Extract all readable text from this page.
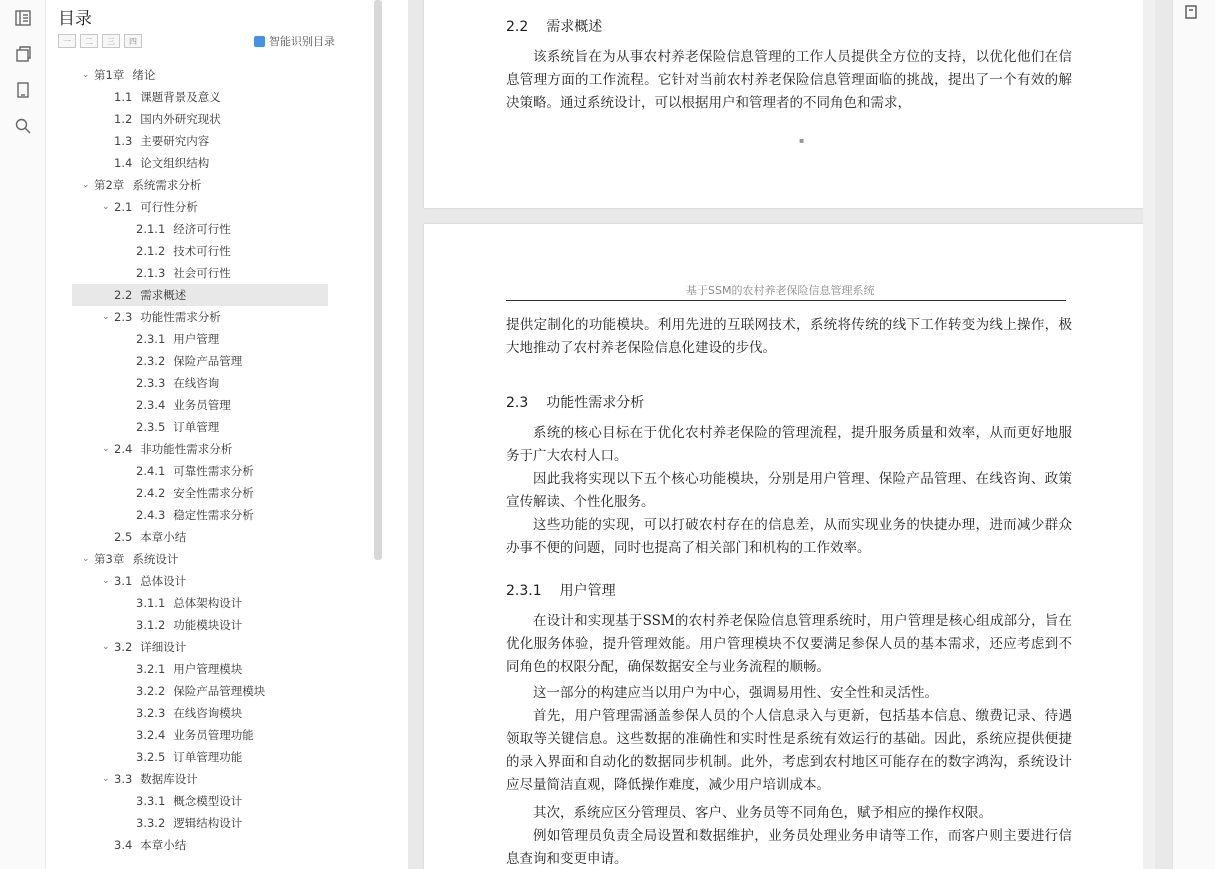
目录
一	二	三	四	智能识别目录
⌄ 第1章 绪论
1.1 课题背景及意义
1.2 国内外研究现状
1.3 主要研究内容
1.4 论文组织结构
⌄ 第2章 系统需求分析
⌄ 2.1 可行性分析
2.1.1 经济可行性
2.1.2 技术可行性
2.1.3 社会可行性
2.2 需求概述
⌄ 2.3 功能性需求分析
2.3.1 用户管理
2.3.2 保险产品管理
2.3.3 在线咨询
2.3.4 业务员管理
2.3.5 订单管理
⌄ 2.4 非功能性需求分析
2.4.1 可靠性需求分析
2.4.2 安全性需求分析
2.4.3 稳定性需求分析
2.5 本章小结
⌄ 第3章 系统设计
⌄ 3.1 总体设计
3.1.1 总体架构设计
3.1.2 功能模块设计
⌄ 3.2 详细设计
3.2.1 用户管理模块
3.2.2 保险产品管理模块
3.2.3 在线咨询模块
3.2.4 业务员管理功能
3.2.5 订单管理功能
⌄ 3.3 数据库设计
3.3.1 概念模型设计
3.3.2 逻辑结构设计
3.4 本章小结
2.2 需求概述
该系统旨在为从事农村养老保险信息管理的工作人员提供全方位的支持，以优化他们在信息管理方面的工作流程。它针对当前农村养老保险信息管理面临的挑战，提出了一个有效的解决策略。通过系统设计，可以根据用户和管理者的不同角色和需求，
▪
基于SSM的农村养老保险信息管理系统
提供定制化的功能模块。利用先进的互联网技术，系统将传统的线下工作转变为线上操作，极大地推动了农村养老保险信息化建设的步伐。
2.3 功能性需求分析
系统的核心目标在于优化农村养老保险的管理流程，提升服务质量和效率，从而更好地服务于广大农村人口。
因此我将实现以下五个核心功能模块，分别是用户管理、保险产品管理、在线咨询、政策宣传解读、个性化服务。
这些功能的实现，可以打破农村存在的信息差，从而实现业务的快捷办理，进而减少群众办事不便的问题，同时也提高了相关部门和机构的工作效率。
2.3.1 用户管理
在设计和实现基于SSM的农村养老保险信息管理系统时，用户管理是核心组成部分，旨在优化服务体验，提升管理效能。用户管理模块不仅要满足参保人员的基本需求，还应考虑到不同角色的权限分配，确保数据安全与业务流程的顺畅。
这一部分的构建应当以用户为中心，强调易用性、安全性和灵活性。
首先，用户管理需涵盖参保人员的个人信息录入与更新，包括基本信息、缴费记录、待遇领取等关键信息。这些数据的准确性和实时性是系统有效运行的基础。因此，系统应提供便捷的录入界面和自动化的数据同步机制。此外，考虑到农村地区可能存在的数字鸿沟，系统设计应尽量简洁直观，降低操作难度，减少用户培训成本。
其次，系统应区分管理员、客户、业务员等不同角色，赋予相应的操作权限。
例如管理员负责全局设置和数据维护，业务员处理业务申请等工作，而客户则主要进行信息查询和变更申请。
